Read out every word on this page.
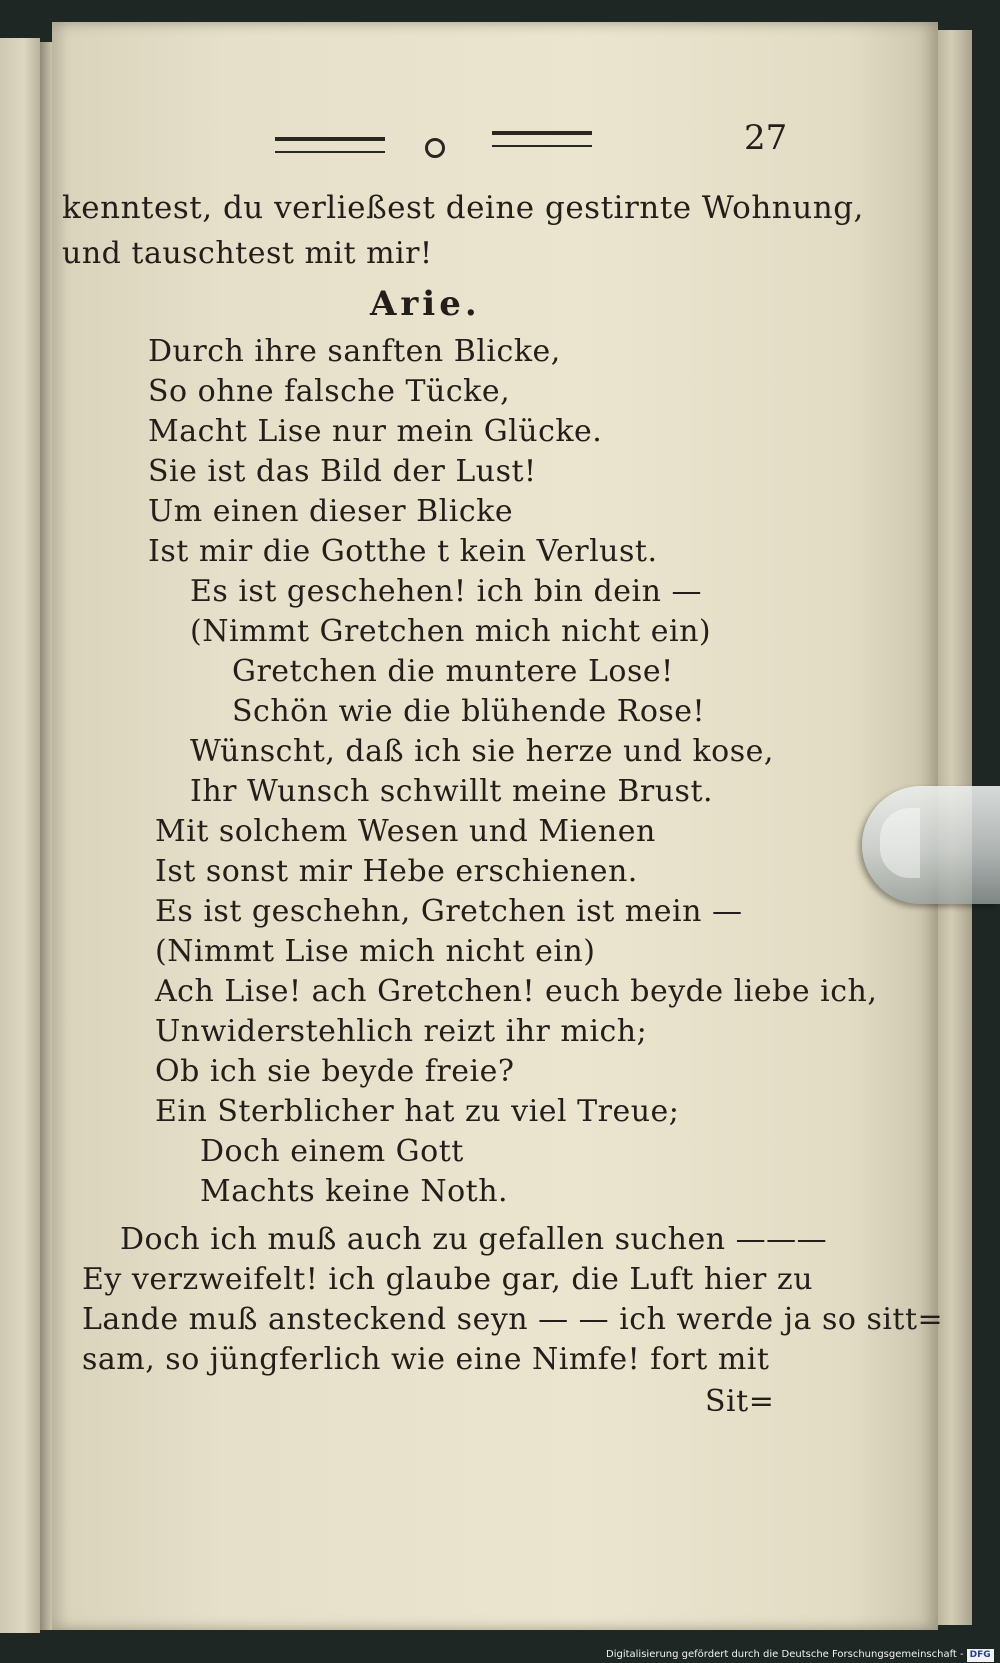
27
kenntest, du verließest deine gestirnte Wohnung,
und tauschtest mit mir!
Arie.
Durch ihre sanften Blicke,
So ohne falsche Tücke,
Macht Lise nur mein Glücke.
Sie ist das Bild der Lust!
Um einen dieser Blicke
Ist mir die Gotthe t kein Verlust.
Es ist geschehen! ich bin dein —
(Nimmt Gretchen mich nicht ein)
Gretchen die muntere Lose!
Schön wie die blühende Rose!
Wünscht, daß ich sie herze und kose,
Ihr Wunsch schwillt meine Brust.
Mit solchem Wesen und Mienen
Ist sonst mir Hebe erschienen.
Es ist geschehn, Gretchen ist mein —
(Nimmt Lise mich nicht ein)
Ach Lise! ach Gretchen! euch beyde liebe ich,
Unwiderstehlich reizt ihr mich;
Ob ich sie beyde freie?
Ein Sterblicher hat zu viel Treue;
Doch einem Gott
Machts keine Noth.
Doch ich muß auch zu gefallen suchen ———
Ey verzweifelt! ich glaube gar, die Luft hier zu
Lande muß ansteckend seyn — — ich werde ja so sitt=
sam, so jüngferlich wie eine Nimfe! fort mit
Sit=
Digitalisierung gefördert durch die Deutsche Forschungsgemeinschaft - DFG
